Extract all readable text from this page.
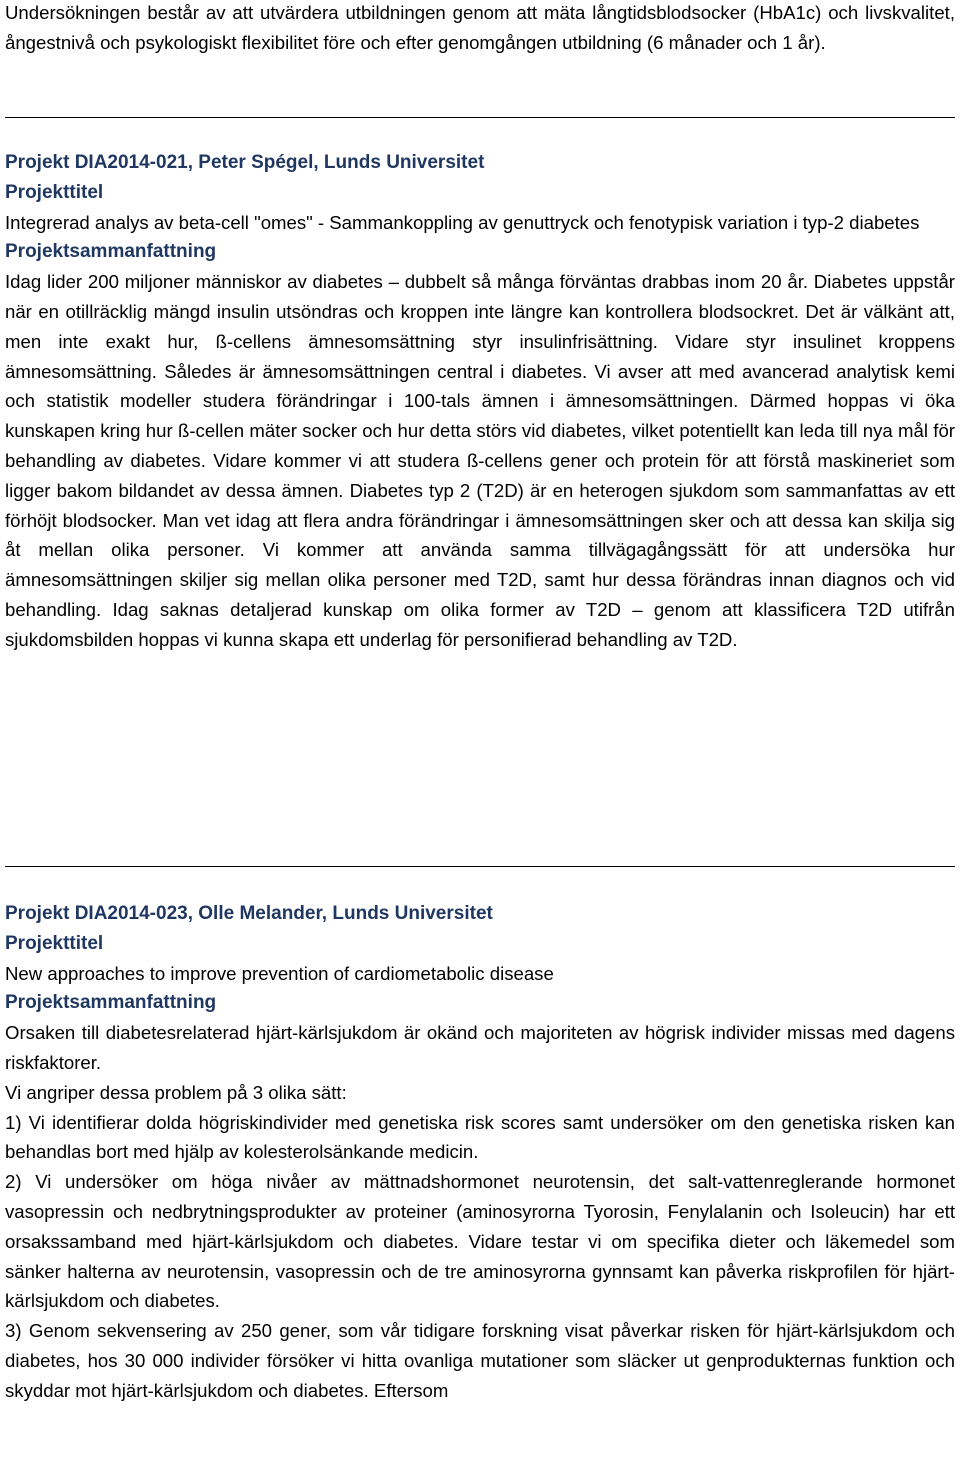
Undersökningen består av att utvärdera utbildningen genom att mäta långtidsblodsocker (HbA1c) och livskvalitet, ångestnivå och psykologiskt flexibilitet före och efter genomgången utbildning (6 månader och 1 år).

Projekt DIA2014-021, Peter Spégel, Lunds Universitet

Projekttitel

Integrerad analys av beta-cell "omes" - Sammankoppling av genuttryck och fenotypisk variation i typ-2 diabetes

Projektsammanfattning

Idag lider 200 miljoner människor av diabetes – dubbelt så många förväntas drabbas inom 20 år. Diabetes uppstår när en otillräcklig mängd insulin utsöndras och kroppen inte längre kan kontrollera blodsockret. Det är välkänt att, men inte exakt hur, ß-cellens ämnesomsättning styr insulinfrisättning. Vidare styr insulinet kroppens ämnesomsättning. Således är ämnesomsättningen central i diabetes. Vi avser att med avancerad analytisk kemi och statistik modeller studera förändringar i 100-tals ämnen i ämnesomsättningen. Därmed hoppas vi öka kunskapen kring hur ß-cellen mäter socker och hur detta störs vid diabetes, vilket potentiellt kan leda till nya mål för behandling av diabetes. Vidare kommer vi att studera ß-cellens gener och protein för att förstå maskineriet som ligger bakom bildandet av dessa ämnen. Diabetes typ 2 (T2D) är en heterogen sjukdom som sammanfattas av ett förhöjt blodsocker. Man vet idag att flera andra förändringar i ämnesomsättningen sker och att dessa kan skilja sig åt mellan olika personer. Vi kommer att använda samma tillvägagångssätt för att undersöka hur ämnesomsättningen skiljer sig mellan olika personer med T2D, samt hur dessa förändras innan diagnos och vid behandling. Idag saknas detaljerad kunskap om olika former av T2D – genom att klassificera T2D utifrån sjukdomsbilden hoppas vi kunna skapa ett underlag för personifierad behandling av T2D.

Projekt DIA2014-023, Olle Melander, Lunds Universitet

Projekttitel

New approaches to improve prevention of cardiometabolic disease

Projektsammanfattning

Orsaken till diabetesrelaterad hjärt-kärlsjukdom är okänd och majoriteten av högrisk individer missas med dagens riskfaktorer.

Vi angriper dessa problem på 3 olika sätt:

1) Vi identifierar dolda högriskindivider med genetiska risk scores samt undersöker om den genetiska risken kan behandlas bort med hjälp av kolesterolsänkande medicin.

2) Vi undersöker om höga nivåer av mättnadshormonet neurotensin, det salt-vattenreglerande hormonet vasopressin och nedbrytningsprodukter av proteiner (aminosyrorna Tyorosin, Fenylalanin och Isoleucin) har ett orsakssamband med hjärt-kärlsjukdom och diabetes. Vidare testar vi om specifika dieter och läkemedel som sänker halterna av neurotensin, vasopressin och de tre aminosyrorna gynnsamt kan påverka riskprofilen för hjärt-kärlsjukdom och diabetes.

3) Genom sekvensering av 250 gener, som vår tidigare forskning visat påverkar risken för hjärt-kärlsjukdom och diabetes, hos 30 000 individer försöker vi hitta ovanliga mutationer som släcker ut genprodukternas funktion och skyddar mot hjärt-kärlsjukdom och diabetes. Eftersom
